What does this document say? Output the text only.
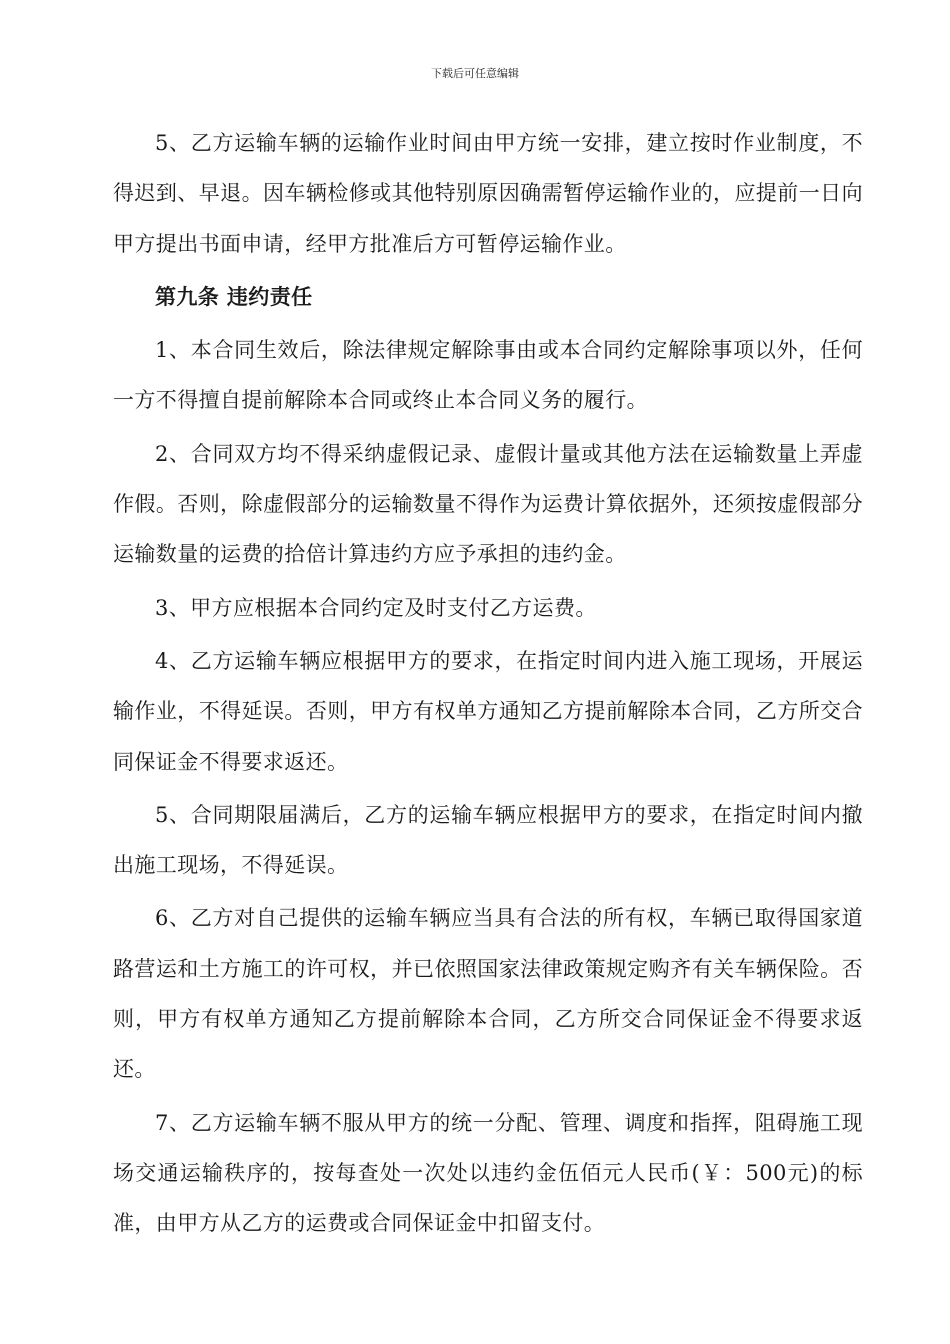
下载后可任意编辑

5、乙方运输车辆的运输作业时间由甲方统一安排，建立按时作业制度，不得迟到、早退。因车辆检修或其他特别原因确需暂停运输作业的，应提前一日向甲方提出书面申请，经甲方批准后方可暂停运输作业。

第九条 违约责任

1、本合同生效后，除法律规定解除事由或本合同约定解除事项以外，任何一方不得擅自提前解除本合同或终止本合同义务的履行。

2、合同双方均不得采纳虚假记录、虚假计量或其他方法在运输数量上弄虚作假。否则，除虚假部分的运输数量不得作为运费计算依据外，还须按虚假部分运输数量的运费的拾倍计算违约方应予承担的违约金。

3、甲方应根据本合同约定及时支付乙方运费。

4、乙方运输车辆应根据甲方的要求，在指定时间内进入施工现场，开展运输作业，不得延误。否则，甲方有权单方通知乙方提前解除本合同，乙方所交合同保证金不得要求返还。

5、合同期限届满后，乙方的运输车辆应根据甲方的要求，在指定时间内撤出施工现场，不得延误。

6、乙方对自己提供的运输车辆应当具有合法的所有权，车辆已取得国家道路营运和土方施工的许可权，并已依照国家法律政策规定购齐有关车辆保险。否则，甲方有权单方通知乙方提前解除本合同，乙方所交合同保证金不得要求返还。

7、乙方运输车辆不服从甲方的统一分配、管理、调度和指挥，阻碍施工现场交通运输秩序的，按每查处一次处以违约金伍佰元人民币(￥：500元)的标准，由甲方从乙方的运费或合同保证金中扣留支付。
